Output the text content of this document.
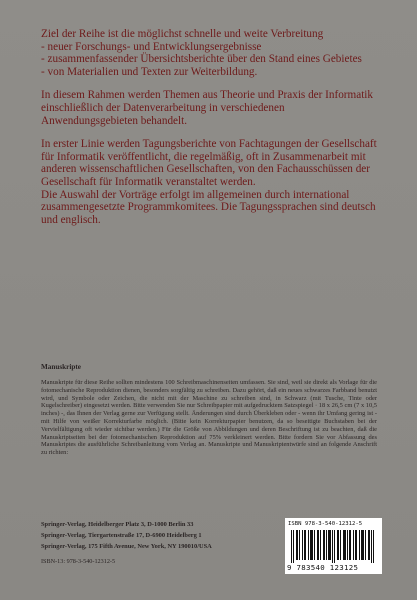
Ziel der Reihe ist die möglichst schnelle und weite Verbreitung

- neuer Forschungs- und Entwicklungsergebnisse
- zusammenfassender Übersichtsberichte über den Stand eines Gebietes
- von Materialien und Texten zur Weiterbildung.

In diesem Rahmen werden Themen aus Theorie und Praxis der Informatik einschließlich der Datenverarbeitung in verschiedenen Anwendungsgebieten behandelt.

In erster Linie werden Tagungsberichte von Fachtagungen der Gesellschaft für Informatik veröffentlicht, die regelmäßig, oft in Zusammenarbeit mit anderen wissenschaftlichen Gesellschaften, von den Fachausschüssen der Gesellschaft für Informatik veranstaltet werden.

Die Auswahl der Vorträge erfolgt im allgemeinen durch international zusammengesetzte Programmkomitees. Die Tagungssprachen sind deutsch und englisch.

Manuskripte
Manuskripte für diese Reihe sollten mindestens 100 Schreibmaschinenseiten umfassen. Sie sind, weil sie direkt als Vorlage für die fotomechanische Reproduktion dienen, besonders sorgfältig zu schreiben. Dazu gehört, daß ein neues schwarzes Farbband benutzt wird, und Symbole oder Zeichen, die nicht mit der Maschine zu schreiben sind, in Schwarz (mit Tusche, Tinte oder Kugelschreiber) eingesetzt werden. Bitte verwenden Sie nur Schreibpapier mit aufgedrucktem Satzspiegel · 18 x 26,5 cm (7 x 10,5 inches) -, das Ihnen der Verlag gerne zur Verfügung stellt. Änderungen sind durch Überkleben oder - wenn ihr Umfang gering ist - mit Hilfe von weißer Korrekturfarbe möglich. (Bitte kein Korrekturpapier benutzen, da so beseitigte Buchstaben bei der Vervielfältigung oft wieder sichtbar werden.) Für die Größe von Abbildungen und deren Beschriftung ist zu beachten, daß die Manuskriptseiten bei der fotomechanischen Reproduktion auf 75% verkleinert werden. Bitte fordern Sie vor Abfassung des Manuskriptes die ausführliche Schreibanleitung vom Verlag an. Manuskripte und Manuskriptentwürfe sind an folgende Anschrift zu richten:
Springer-Verlag, Heidelberger Platz 3, D-1000 Berlin 33
Springer-Verlag, Tiergartenstraße 17, D-6900 Heidelberg 1
Springer-Verlag, 175 Fifth Avenue, New York, NY 190010/USA
ISBN-13: 978-3-540-12312-5
ISBN 978-3-540-12312-5
9 783540 123125
